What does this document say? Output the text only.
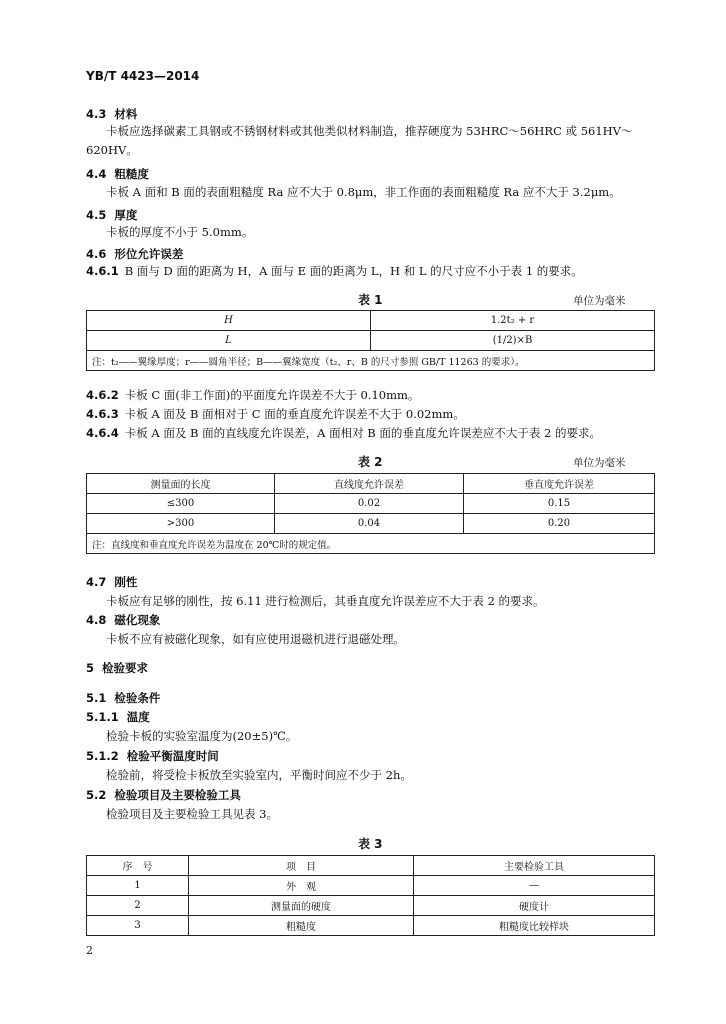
YB/T 4423—2014
4.3 材料
卡板应选择碳素工具钢或不锈钢材料或其他类似材料制造，推荐硬度为 53HRC～56HRC 或 561HV～
620HV。
4.4 粗糙度
卡板 A 面和 B 面的表面粗糙度 Ra 应不大于 0.8μm，非工作面的表面粗糙度 Ra 应不大于 3.2μm。
4.5 厚度
卡板的厚度不小于 5.0mm。
4.6 形位允许误差
4.6.1 B 面与 D 面的距离为 H，A 面与 E 面的距离为 L，H 和 L 的尺寸应不小于表 1 的要求。
表 1	单位为毫米
H	1.2t₂ + r
L	(1/2)×B
注：t₂——翼缘厚度；r——圆角半径；B——翼缘宽度（t₂、r、B 的尺寸参照 GB/T 11263 的要求）。	
4.6.2 卡板 C 面(非工作面)的平面度允许误差不大于 0.10mm。
4.6.3 卡板 A 面及 B 面相对于 C 面的垂直度允许误差不大于 0.02mm。
4.6.4 卡板 A 面及 B 面的直线度允许误差，A 面相对 B 面的垂直度允许误差应不大于表 2 的要求。
表 2	单位为毫米
测量面的长度	直线度允许误差	垂直度允许误差
≤300	0.02	0.15
>300	0.04	0.20
注：直线度和垂直度允许误差为温度在 20℃时的规定值。		
4.7 刚性
卡板应有足够的刚性，按 6.11 进行检测后，其垂直度允许误差应不大于表 2 的要求。
4.8 磁化现象
卡板不应有被磁化现象，如有应使用退磁机进行退磁处理。
5 检验要求
5.1 检验条件
5.1.1 温度
检验卡板的实验室温度为(20±5)℃。
5.1.2 检验平衡温度时间
检验前，将受检卡板放至实验室内，平衡时间应不少于 2h。
5.2 检验项目及主要检验工具
检验项目及主要检验工具见表 3。
表 3
序　号	项　目	主要检验工具
1	外　观	—
2	测量面的硬度	硬度计
3	粗糙度	粗糙度比较样块
2
